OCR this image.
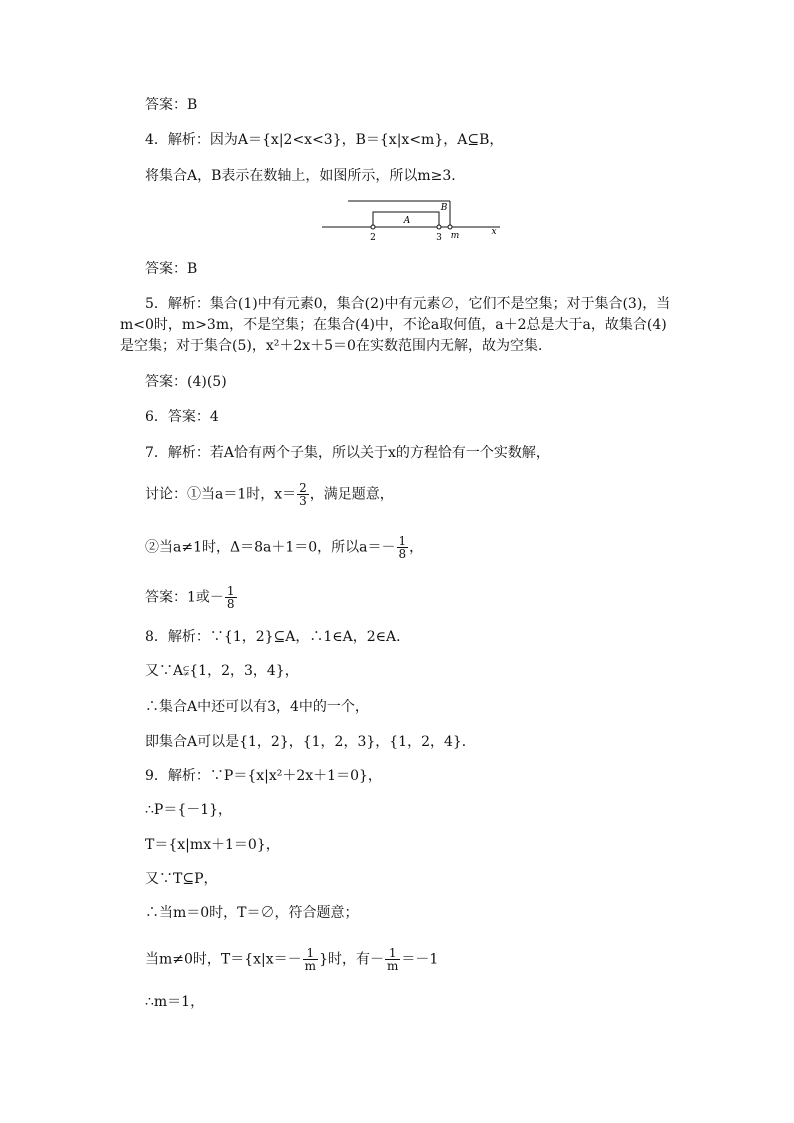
答案：B
4．解析：因为A＝{x|2<x<3}，B＝{x|x<m}，A⊆B，
将集合A，B表示在数轴上，如图所示，所以m≥3.
A
B
2	3 m	x
答案：B
5．解析：集合(1)中有元素0，集合(2)中有元素∅，它们不是空集；对于集合(3)，当m<0时，m>3m，不是空集；在集合(4)中，不论a取何值，a＋2总是大于a，故集合(4)是空集；对于集合(5)，x²＋2x＋5＝0在实数范围内无解，故为空集．
答案：(4)(5)
6．答案：4
7．解析：若A恰有两个子集，所以关于x的方程恰有一个实数解，
讨论：①当a＝1时，$x= \frac{2}{3}$ ，满足题意，
②当a≠1时，Δ＝8a＋1＝0，所以$a=- \frac{1}{8}$ ，
答案：1或－ $\frac{1}{8}$
8．解析：∵{1，2}⊆A，∴1∈A，2∈A.
又∵A⫋{1，2，3，4}，
∴集合A中还可以有3，4中的一个，
即集合A可以是{1，2}，{1，2，3}，{1，2，4}．
9．解析：∵P＝{x|x²＋2x＋1＝0}，
∴P＝{－1}，
T＝{x|mx＋1＝0}，
又∵T⊆P，
∴当m＝0时，T＝∅，符合题意；
当m≠0时，$T=\{x|x=- \frac{1}{m}$ }时，有－ $\frac{1}{m} =-1$
∴m＝1，
